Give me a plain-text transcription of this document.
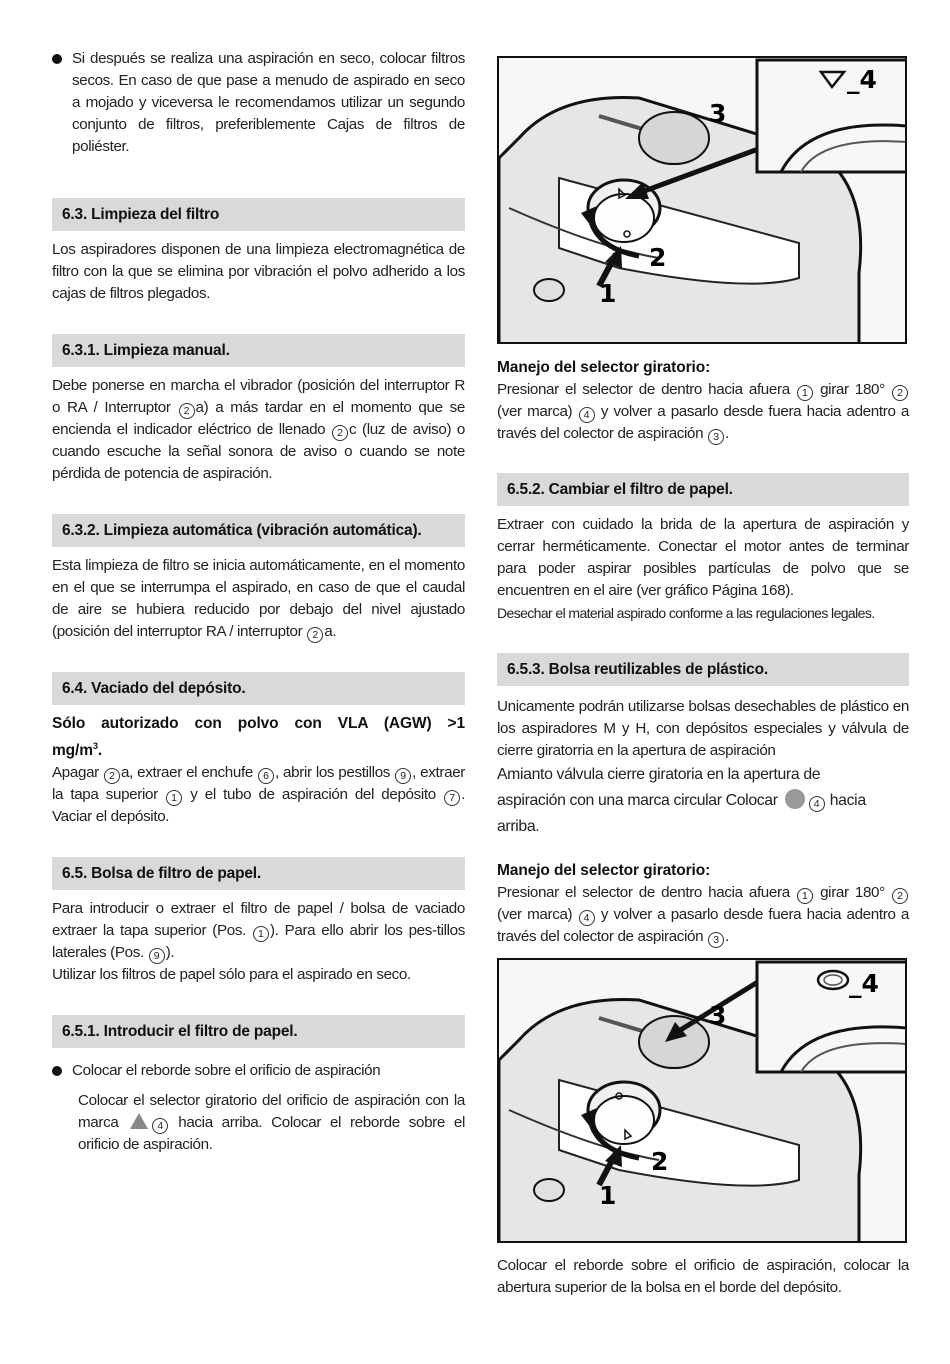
Si después se realiza una aspiración en seco, colocar filtros secos. En caso de que pase a menudo de aspirado en seco a mojado y viceversa le recomendamos utilizar un segundo conjunto de filtros, preferiblemente Cajas de filtros de poliéster.

6.3. Limpieza del filtro

Los aspiradores disponen de una limpieza electromagnética de filtro con la que se elimina por vibración el polvo adherido a los cajas de filtros plegados.

6.3.1. Limpieza manual.

Debe ponerse en marcha el vibrador (posición del interruptor R o RA / Interruptor 2 a) a más tardar en el momento que se encienda el indicador eléctrico de llenado 2 c (luz de aviso) o cuando escuche la señal sonora de aviso o cuando se note pérdida de potencia de aspiración.

6.3.2. Limpieza automática (vibración automática).

Esta limpieza de filtro se inicia automáticamente, en el momento en el que se interrumpa el aspirado, en caso de que el caudal de aire se hubiera reducido por debajo del nivel ajustado (posición del interruptor RA / interruptor 2 a.

6.4. Vaciado del depósito.

Sólo autorizado con polvo con VLA (AGW) >1 $mg/m^3$.

Apagar 2 a, extraer el enchufe 6 , abrir los pestillos 9 , extraer la tapa superior 1 y el tubo de aspiración del depósito 7 . Vaciar el depósito.

6.5. Bolsa de filtro de papel.

Para introducir o extraer el filtro de papel / bolsa de vaciado extraer la tapa superior (Pos. 1 ). Para ello abrir los pes-tillos laterales (Pos. 9 ).

Utilizar los filtros de papel sólo para el aspirado en seco.

6.5.1. Introducir el filtro de papel.

Colocar el reborde sobre el orificio de aspiración

Colocar el selector giratorio del orificio de aspiración con la marca	4 hacia arriba. Colocar el reborde sobre el orificio de aspiración.

_4
3
2
1

Manejo del selector giratorio:

Presionar el selector de dentro hacia afuera 1 girar 180° 2 (ver marca) 4 y volver a pasarlo desde fuera hacia adentro a través del colector de aspiración 3 .

6.5.2. Cambiar el filtro de papel.

Extraer con cuidado la brida de la apertura de aspiración y cerrar herméticamente. Conectar el motor antes de terminar para poder aspirar posibles partículas de polvo que se encuentren en el aire (ver gráfico Página 168).

Desechar el material aspirado conforme a las regulaciones legales.

6.5.3. Bolsa reutilizables de plástico.

Unicamente podrán utilizarse bolsas desechables de plástico en los aspiradores M y H, con depósitos especiales y válvula de cierre giratorria en la apertura de aspiración

Amianto válvula cierre giratoria en la apertura de aspiración con una marca circular Colocar	4 hacia arriba.

Manejo del selector giratorio:

Presionar el selector de dentro hacia afuera 1 girar 180° 2 (ver marca) 4 y volver a pasarlo desde fuera hacia adentro a través del colector de aspiración 3 .

_4
3
2
1

Colocar el reborde sobre el orificio de aspiración, colocar la abertura superior de la bolsa en el borde del depósito.
